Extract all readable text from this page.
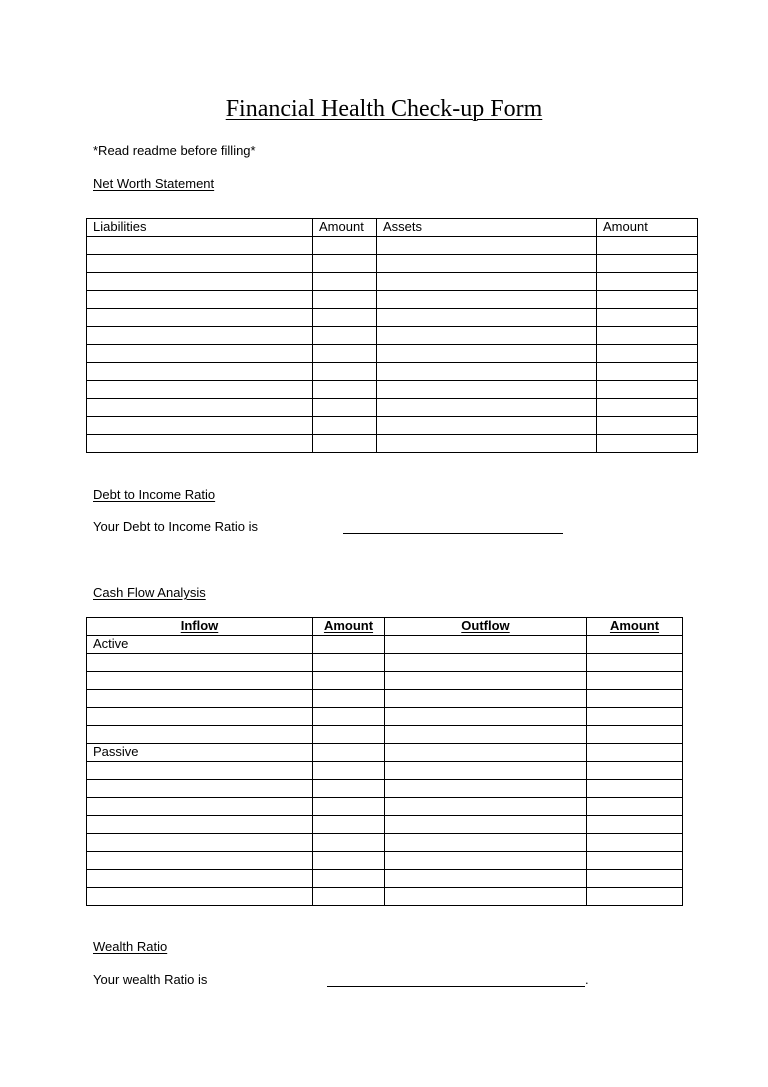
Financial Health Check-up Form
*Read readme before filling*
Net Worth Statement
Liabilities	Amount	Assets	Amount

Debt to Income Ratio
Your Debt to Income Ratio is
Cash Flow Analysis
Inflow	Amount	Outflow	Amount
Active			

Passive			

Wealth Ratio
Your wealth Ratio is	.
